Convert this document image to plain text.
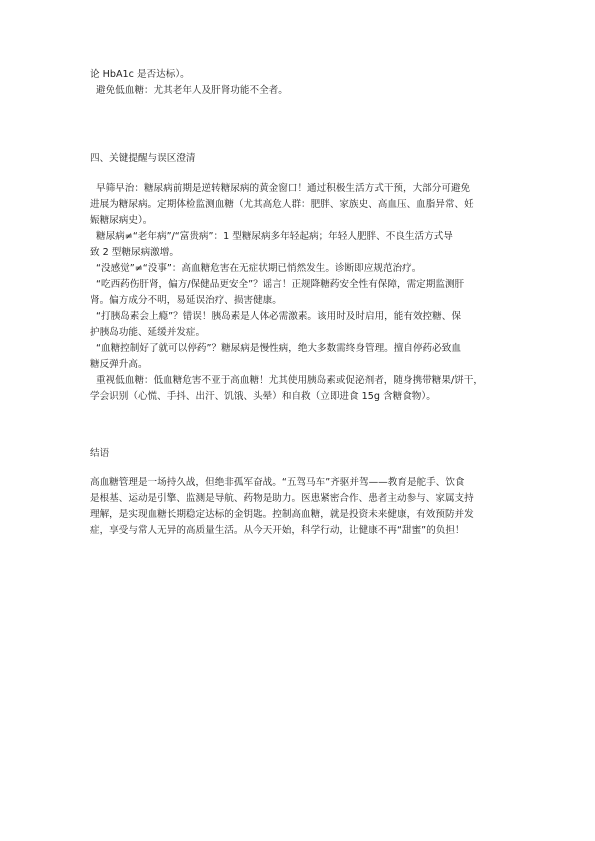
论 HbA1c 是否达标）。
避免低血糖：尤其老年人及肝肾功能不全者。
四、关键提醒与误区澄清
早筛早治：糖尿病前期是逆转糖尿病的黄金窗口！通过积极生活方式干预，大部分可避免
进展为糖尿病。定期体检监测血糖（尤其高危人群：肥胖、家族史、高血压、血脂异常、妊
娠糖尿病史）。
糖尿病≠“老年病”/“富贵病”：1 型糖尿病多年轻起病；年轻人肥胖、不良生活方式导
致 2 型糖尿病激增。
“没感觉”≠“没事”：高血糖危害在无症状期已悄然发生。诊断即应规范治疗。
“吃西药伤肝肾，偏方/保健品更安全”？谣言！正规降糖药安全性有保障，需定期监测肝
肾。偏方成分不明，易延误治疗、损害健康。
“打胰岛素会上瘾”？错误！胰岛素是人体必需激素。该用时及时启用，能有效控糖、保
护胰岛功能、延缓并发症。
“血糖控制好了就可以停药”？糖尿病是慢性病，绝大多数需终身管理。擅自停药必致血
糖反弹升高。
重视低血糖：低血糖危害不亚于高血糖！尤其使用胰岛素或促泌剂者，随身携带糖果/饼干，
学会识别（心慌、手抖、出汗、饥饿、头晕）和自救（立即进食 15g 含糖食物）。
结语
高血糖管理是一场持久战，但绝非孤军奋战。“五驾马车”齐驱并驾——教育是舵手、饮食
是根基、运动是引擎、监测是导航、药物是助力。医患紧密合作、患者主动参与、家属支持
理解，是实现血糖长期稳定达标的金钥匙。控制高血糖，就是投资未来健康，有效预防并发
症，享受与常人无异的高质量生活。从今天开始，科学行动，让健康不再“甜蜜”的负担！
